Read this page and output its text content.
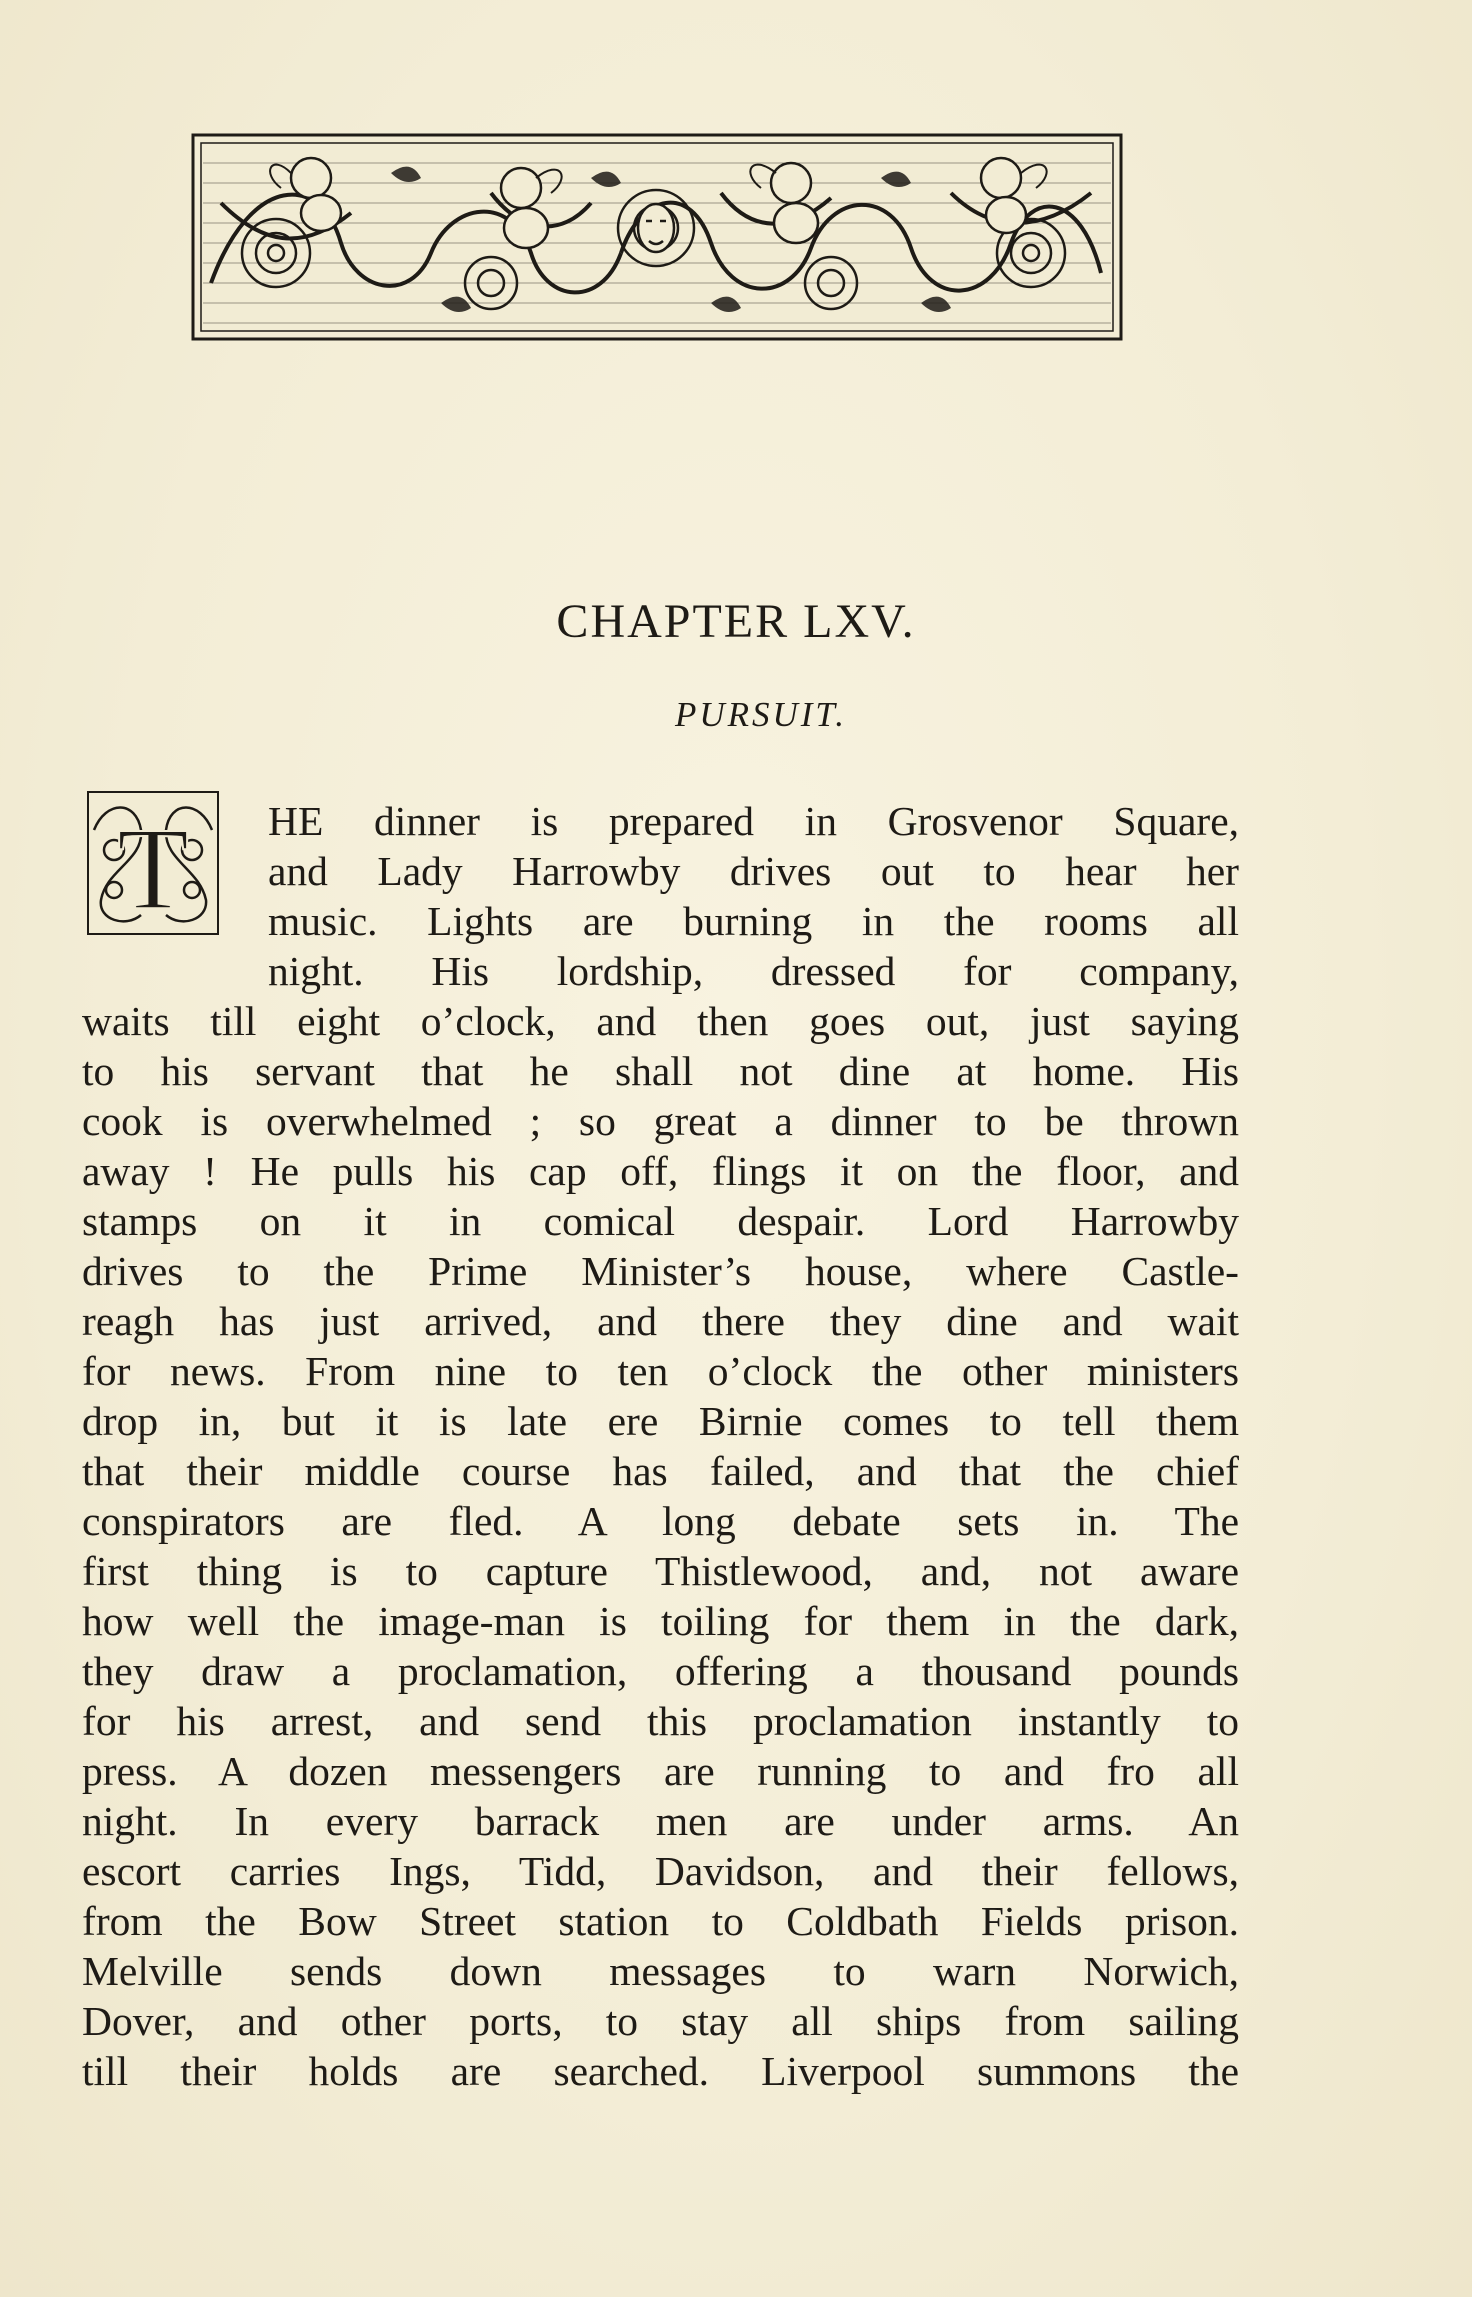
CHAPTER LXV.
PURSUIT.
T HE dinner is prepared in Grosvenor Square,
and Lady Harrowby drives out to hear her
music. Lights are burning in the rooms all
night. His lordship, dressed for company,
waits till eight o’clock, and then goes out, just saying
to his servant that he shall not dine at home. His
cook is overwhelmed ; so great a dinner to be thrown
away ! He pulls his cap off, flings it on the floor, and
stamps on it in comical despair. Lord Harrowby
drives to the Prime Minister’s house, where Castle-
reagh has just arrived, and there they dine and wait
for news. From nine to ten o’clock the other ministers
drop in, but it is late ere Birnie comes to tell them
that their middle course has failed, and that the chief
conspirators are fled. A long debate sets in. The
first thing is to capture Thistlewood, and, not aware
how well the image-man is toiling for them in the dark,
they draw a proclamation, offering a thousand pounds
for his arrest, and send this proclamation instantly to
press. A dozen messengers are running to and fro all
night. In every barrack men are under arms. An
escort carries Ings, Tidd, Davidson, and their fellows,
from the Bow Street station to Coldbath Fields prison.
Melville sends down messages to warn Norwich,
Dover, and other ports, to stay all ships from sailing
till their holds are searched. Liverpool summons the
